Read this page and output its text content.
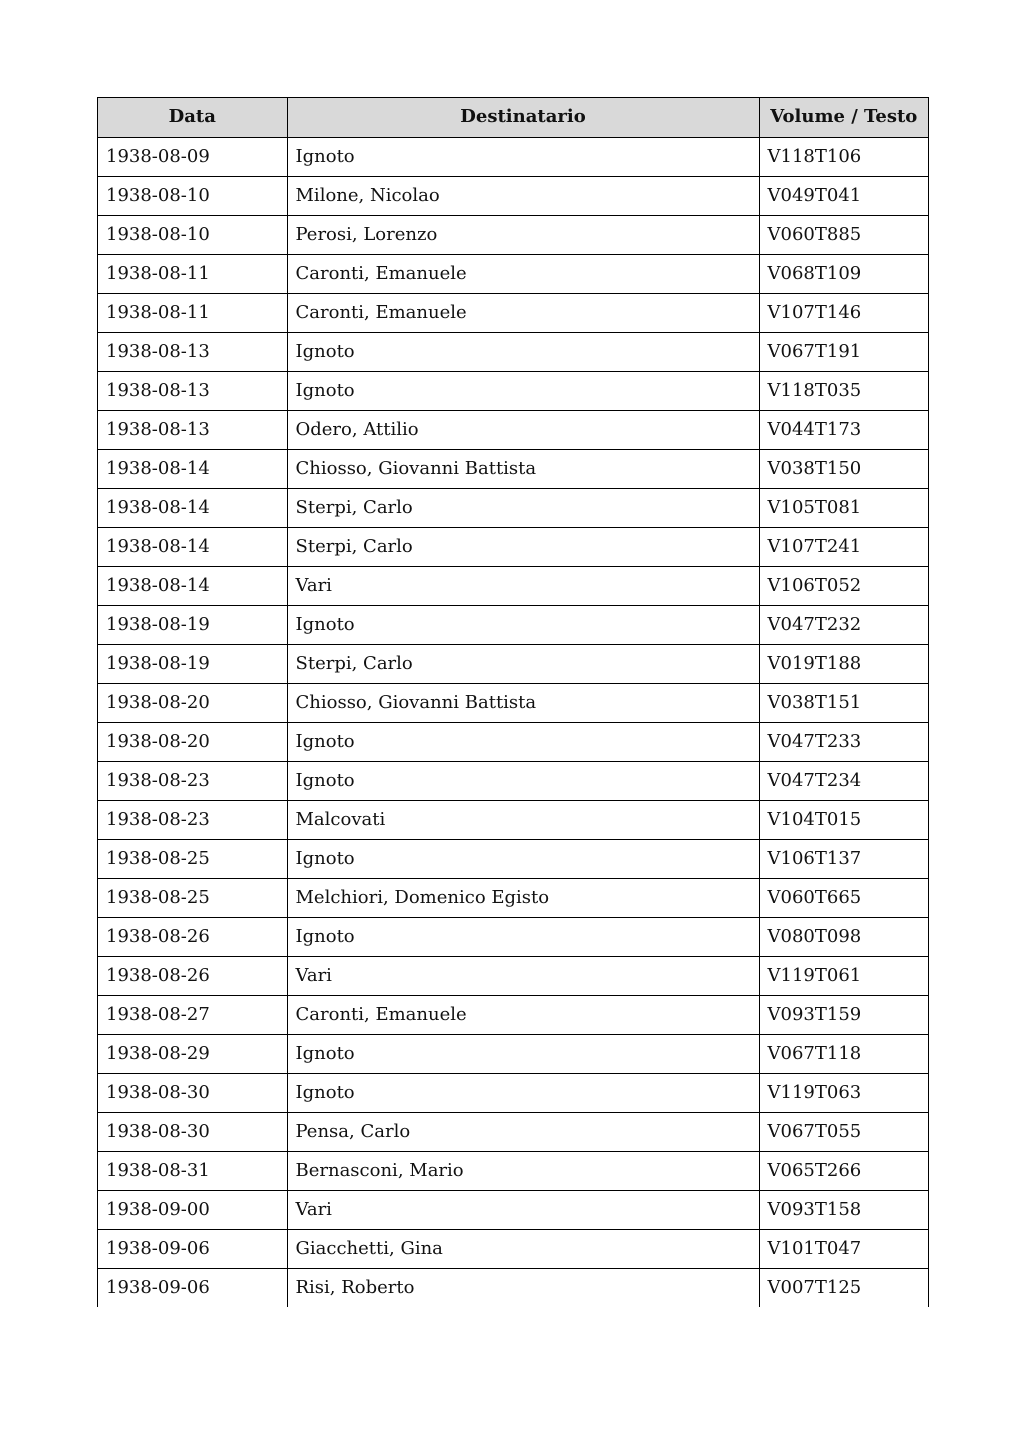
Data	Destinatario	Volume / Testo
1938-08-09	Ignoto	V118T106
1938-08-10	Milone, Nicolao	V049T041
1938-08-10	Perosi, Lorenzo	V060T885
1938-08-11	Caronti, Emanuele	V068T109
1938-08-11	Caronti, Emanuele	V107T146
1938-08-13	Ignoto	V067T191
1938-08-13	Ignoto	V118T035
1938-08-13	Odero, Attilio	V044T173
1938-08-14	Chiosso, Giovanni Battista	V038T150
1938-08-14	Sterpi, Carlo	V105T081
1938-08-14	Sterpi, Carlo	V107T241
1938-08-14	Vari	V106T052
1938-08-19	Ignoto	V047T232
1938-08-19	Sterpi, Carlo	V019T188
1938-08-20	Chiosso, Giovanni Battista	V038T151
1938-08-20	Ignoto	V047T233
1938-08-23	Ignoto	V047T234
1938-08-23	Malcovati	V104T015
1938-08-25	Ignoto	V106T137
1938-08-25	Melchiori, Domenico Egisto	V060T665
1938-08-26	Ignoto	V080T098
1938-08-26	Vari	V119T061
1938-08-27	Caronti, Emanuele	V093T159
1938-08-29	Ignoto	V067T118
1938-08-30	Ignoto	V119T063
1938-08-30	Pensa, Carlo	V067T055
1938-08-31	Bernasconi, Mario	V065T266
1938-09-00	Vari	V093T158
1938-09-06	Giacchetti, Gina	V101T047
1938-09-06	Risi, Roberto	V007T125
